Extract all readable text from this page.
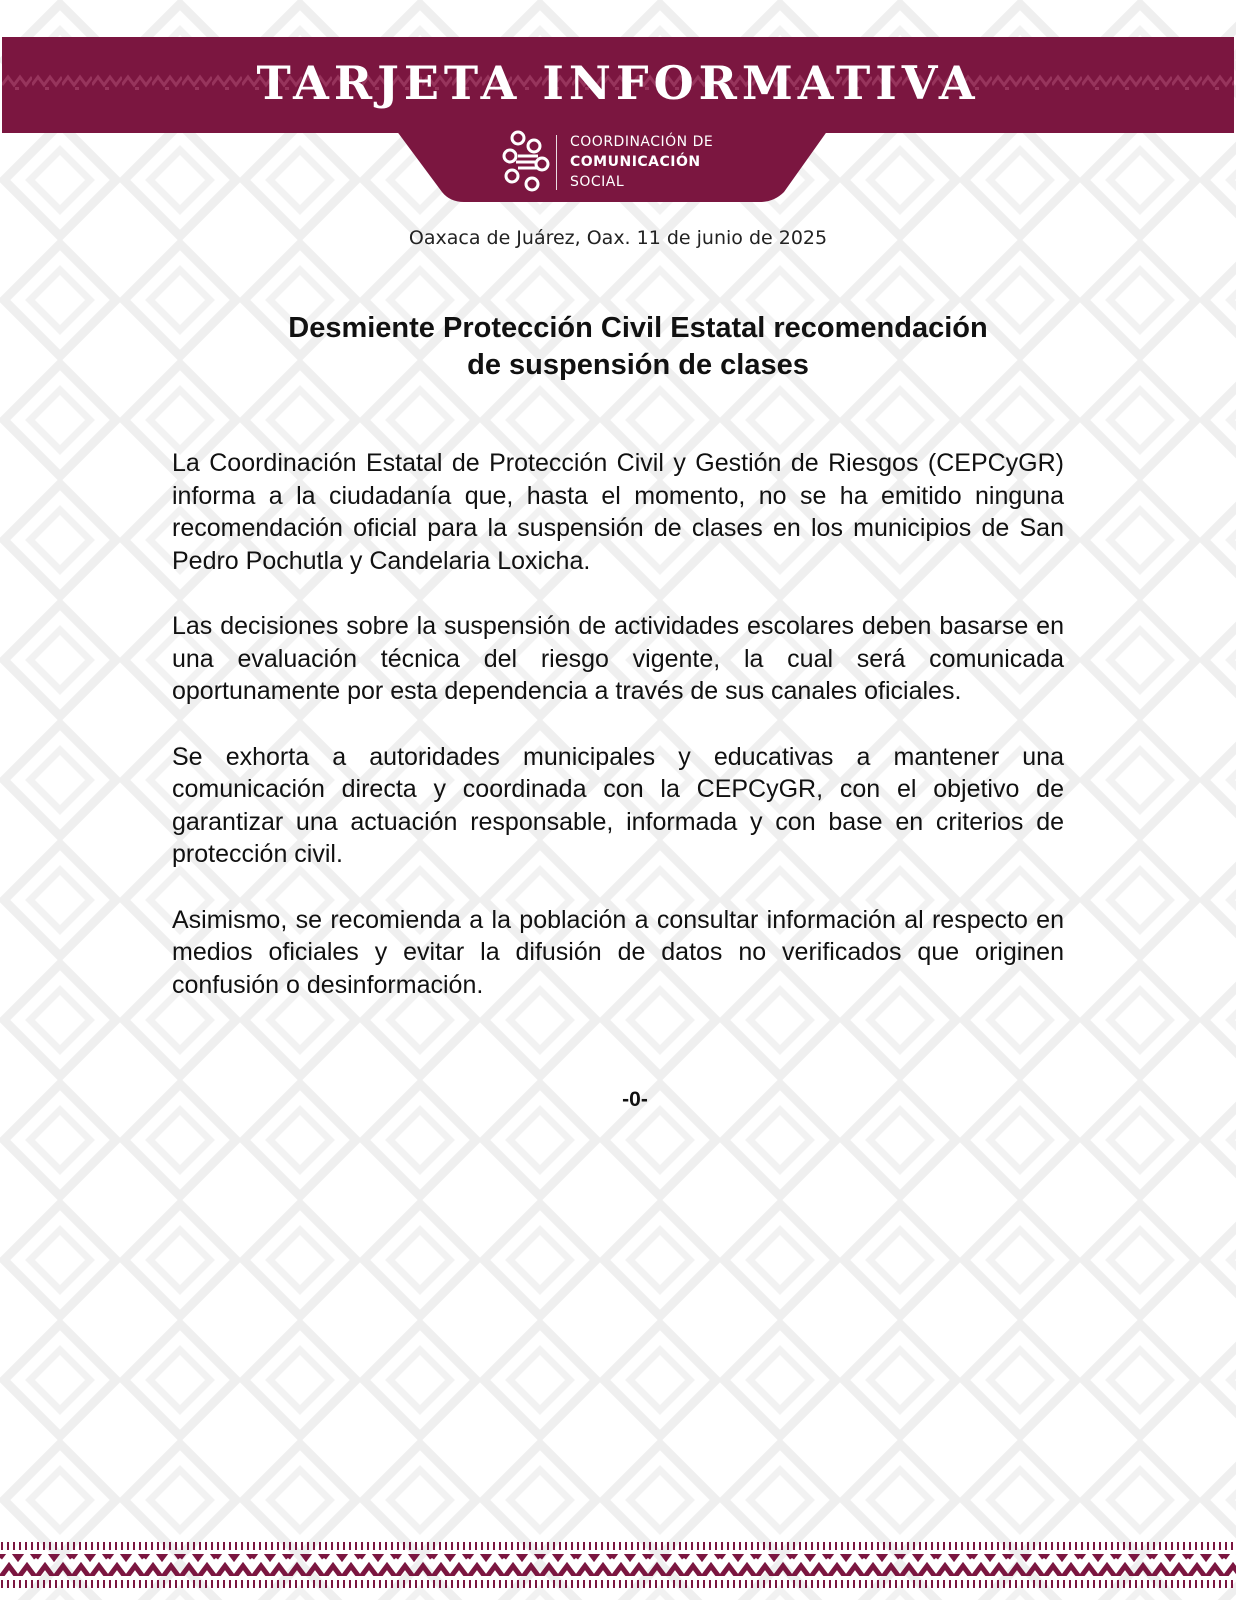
TARJETA INFORMATIVA
COORDINACIÓN DE
COMUNICACIÓN
SOCIAL
Oaxaca de Juárez, Oax. 11 de junio de 2025
Desmiente Protección Civil Estatal recomendación
de suspensión de clases

La Coordinación Estatal de Protección Civil y Gestión de Riesgos (CEPCyGR) informa a la ciudadanía que, hasta el momento, no se ha emitido ninguna recomendación oficial para la suspensión de clases en los municipios de San Pedro Pochutla y Candelaria Loxicha.

Las decisiones sobre la suspensión de actividades escolares deben basarse en una evaluación técnica del riesgo vigente, la cual será comunicada oportunamente por esta dependencia a través de sus canales oficiales.

Se exhorta a autoridades municipales y educativas a mantener una comunicación directa y coordinada con la CEPCyGR, con el objetivo de garantizar una actuación responsable, informada y con base en criterios de protección civil.

Asimismo, se recomienda a la población a consultar información al respecto en medios oficiales y evitar la difusión de datos no verificados que originen confusión o desinformación.

-0-
